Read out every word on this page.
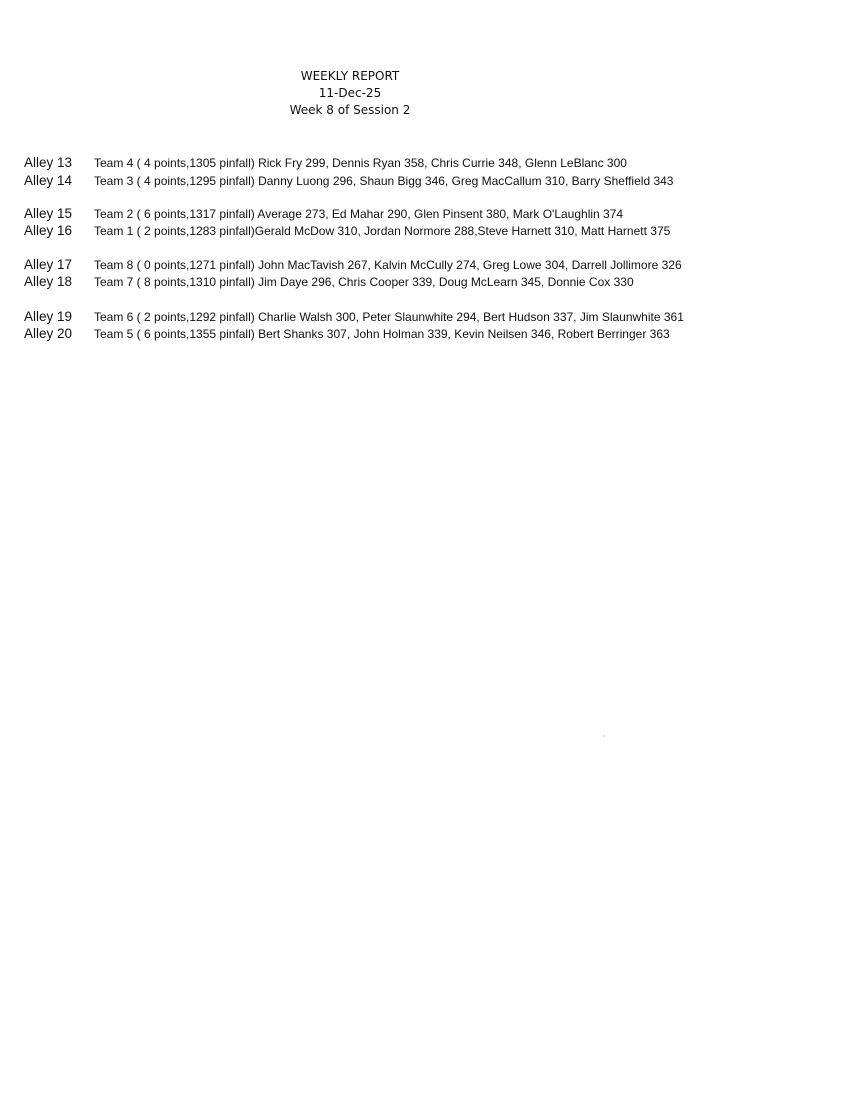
WEEKLY REPORT
11-Dec-25
Week 8 of Session 2
Alley 13 Team 4 ( 4 points,1305 pinfall) Rick Fry 299, Dennis Ryan 358, Chris Currie 348, Glenn LeBlanc 300
Alley 14 Team 3 ( 4 points,1295 pinfall) Danny Luong 296, Shaun Bigg 346, Greg MacCallum 310, Barry Sheffield 343
Alley 15 Team 2 ( 6 points,1317 pinfall) Average 273, Ed Mahar 290, Glen Pinsent 380, Mark O'Laughlin 374
Alley 16 Team 1 ( 2 points,1283 pinfall)Gerald McDow 310, Jordan Normore 288,Steve Harnett 310, Matt Harnett 375
Alley 17 Team 8 ( 0 points,1271 pinfall) John MacTavish 267, Kalvin McCully 274, Greg Lowe 304, Darrell Jollimore 326
Alley 18 Team 7 ( 8 points,1310 pinfall) Jim Daye 296, Chris Cooper 339, Doug McLearn 345, Donnie Cox 330
Alley 19 Team 6 ( 2 points,1292 pinfall) Charlie Walsh 300, Peter Slaunwhite 294, Bert Hudson 337, Jim Slaunwhite 361
Alley 20 Team 5 ( 6 points,1355 pinfall) Bert Shanks 307, John Holman 339, Kevin Neilsen 346, Robert Berringer 363
